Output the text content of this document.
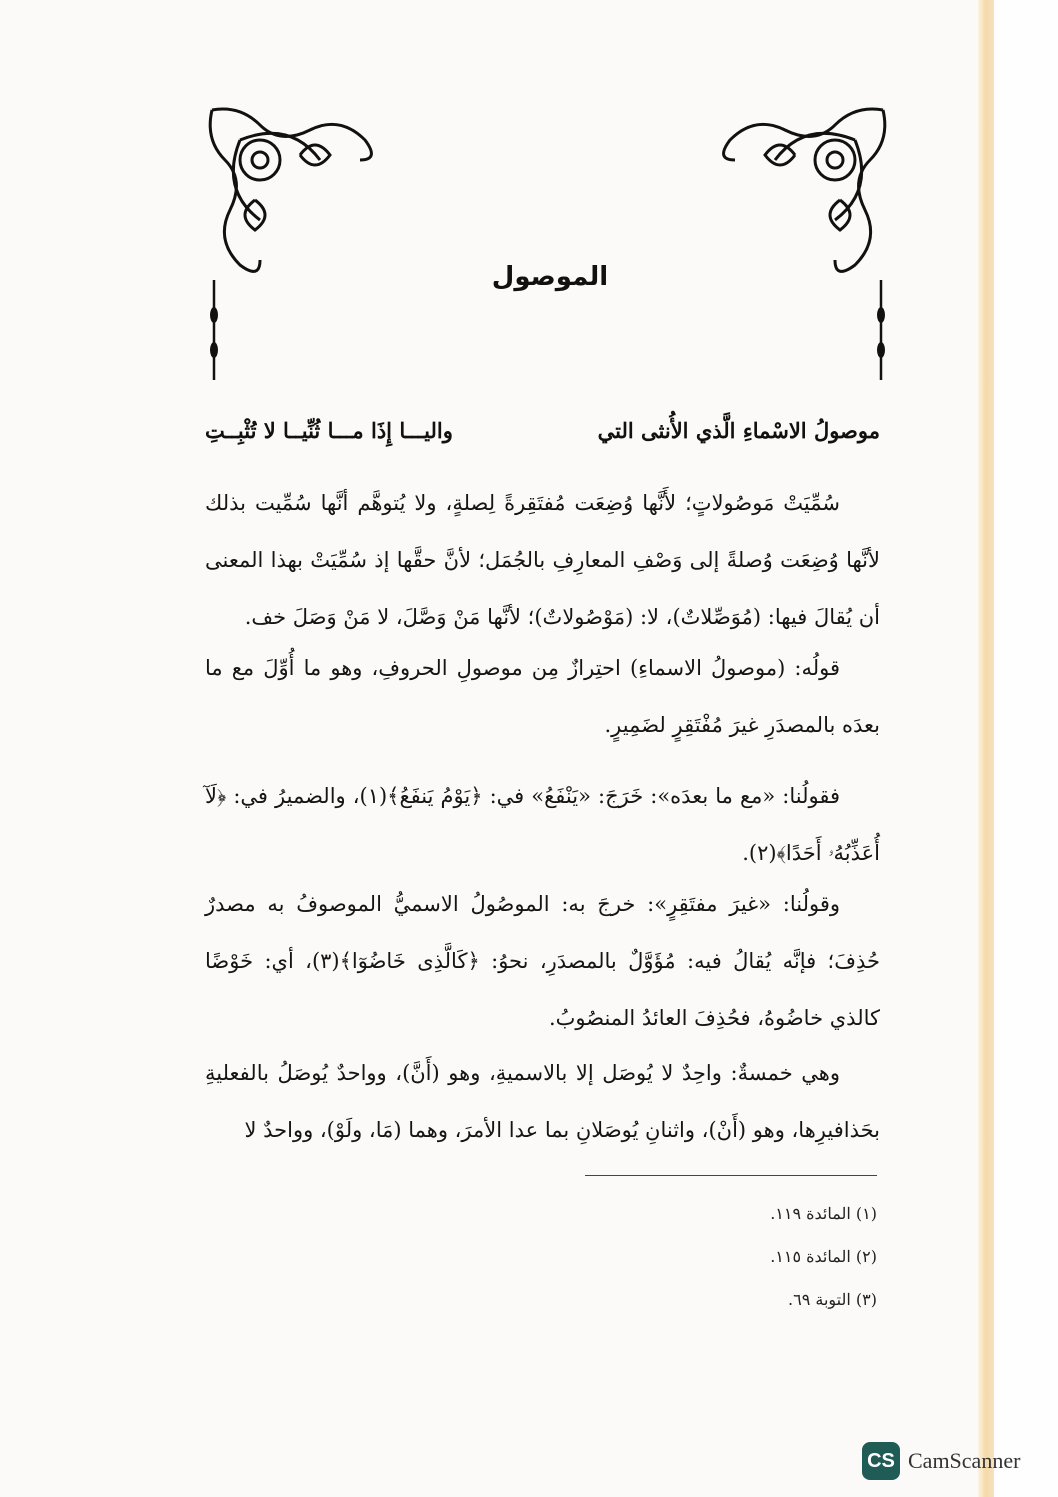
الموصول
موصولُ الاسْماءِ الَّذي الأُنثى التي
واليـــا إِذَا مـــا ثُنِّيــا لا تُثْبِــتِ

سُمِّيَتْ مَوصُولاتٍ؛ لأَنَّها وُضِعَت مُفتَقِرةً لِصلةٍ، ولا يُتوهَّم أنَّها سُمِّيت بذلك لأنَّها وُضِعَت وُصلةً إلى وَصْفِ المعارِفِ بالجُمَل؛ لأنَّ حقَّها إذ سُمِّيَتْ بهذا المعنى أن يُقالَ فيها: (مُوَصِّلاتٌ)، لا: (مَوْصُولاتٌ)؛ لأنَّها مَنْ وَصَّلَ، لا مَنْ وَصَلَ خف.

قولُه: (موصولُ الاسماءِ) احتِرازٌ مِن موصولِ الحروفِ، وهو ما أُوِّلَ مع ما بعدَه بالمصدَرِ غيرَ مُفْتَقِرٍ لضَمِيرٍ.

فقولُنا: «مع ما بعدَه»: خَرَجَ: «يَنْفَعُ» في: ﴿يَوْمُ يَنفَعُ﴾(١)، والضميرُ في: ﴿لَآ أُعَذِّبُهُۥ أَحَدًا﴾(٢).

وقولُنا: «غيرَ مفتَقِرٍ»: خرجَ به: الموصُولُ الاسميُّ الموصوفُ به مصدرٌ حُذِفَ؛ فإنَّه يُقالُ فيه: مُؤَوَّلٌ بالمصدَرِ، نحوُ: ﴿كَالَّذِى خَاضُوٓا﴾(٣)، أي: خَوْضًا كالذي خاضُوهُ، فحُذِفَ العائدُ المنصُوبُ.

وهي خمسةٌ: واحِدٌ لا يُوصَل إلا بالاسميةِ، وهو (أَنَّ)، وواحدٌ يُوصَلُ بالفعليةِ بحَذافيرِها، وهو (أَنْ)، واثنانِ يُوصَلانِ بما عدا الأمرَ، وهما (مَا، ولَوْ)، وواحدٌ لا

(١) المائدة ١١٩.
(٢) المائدة ١١٥.
(٣) التوبة ٦٩.
CS CamScanner
